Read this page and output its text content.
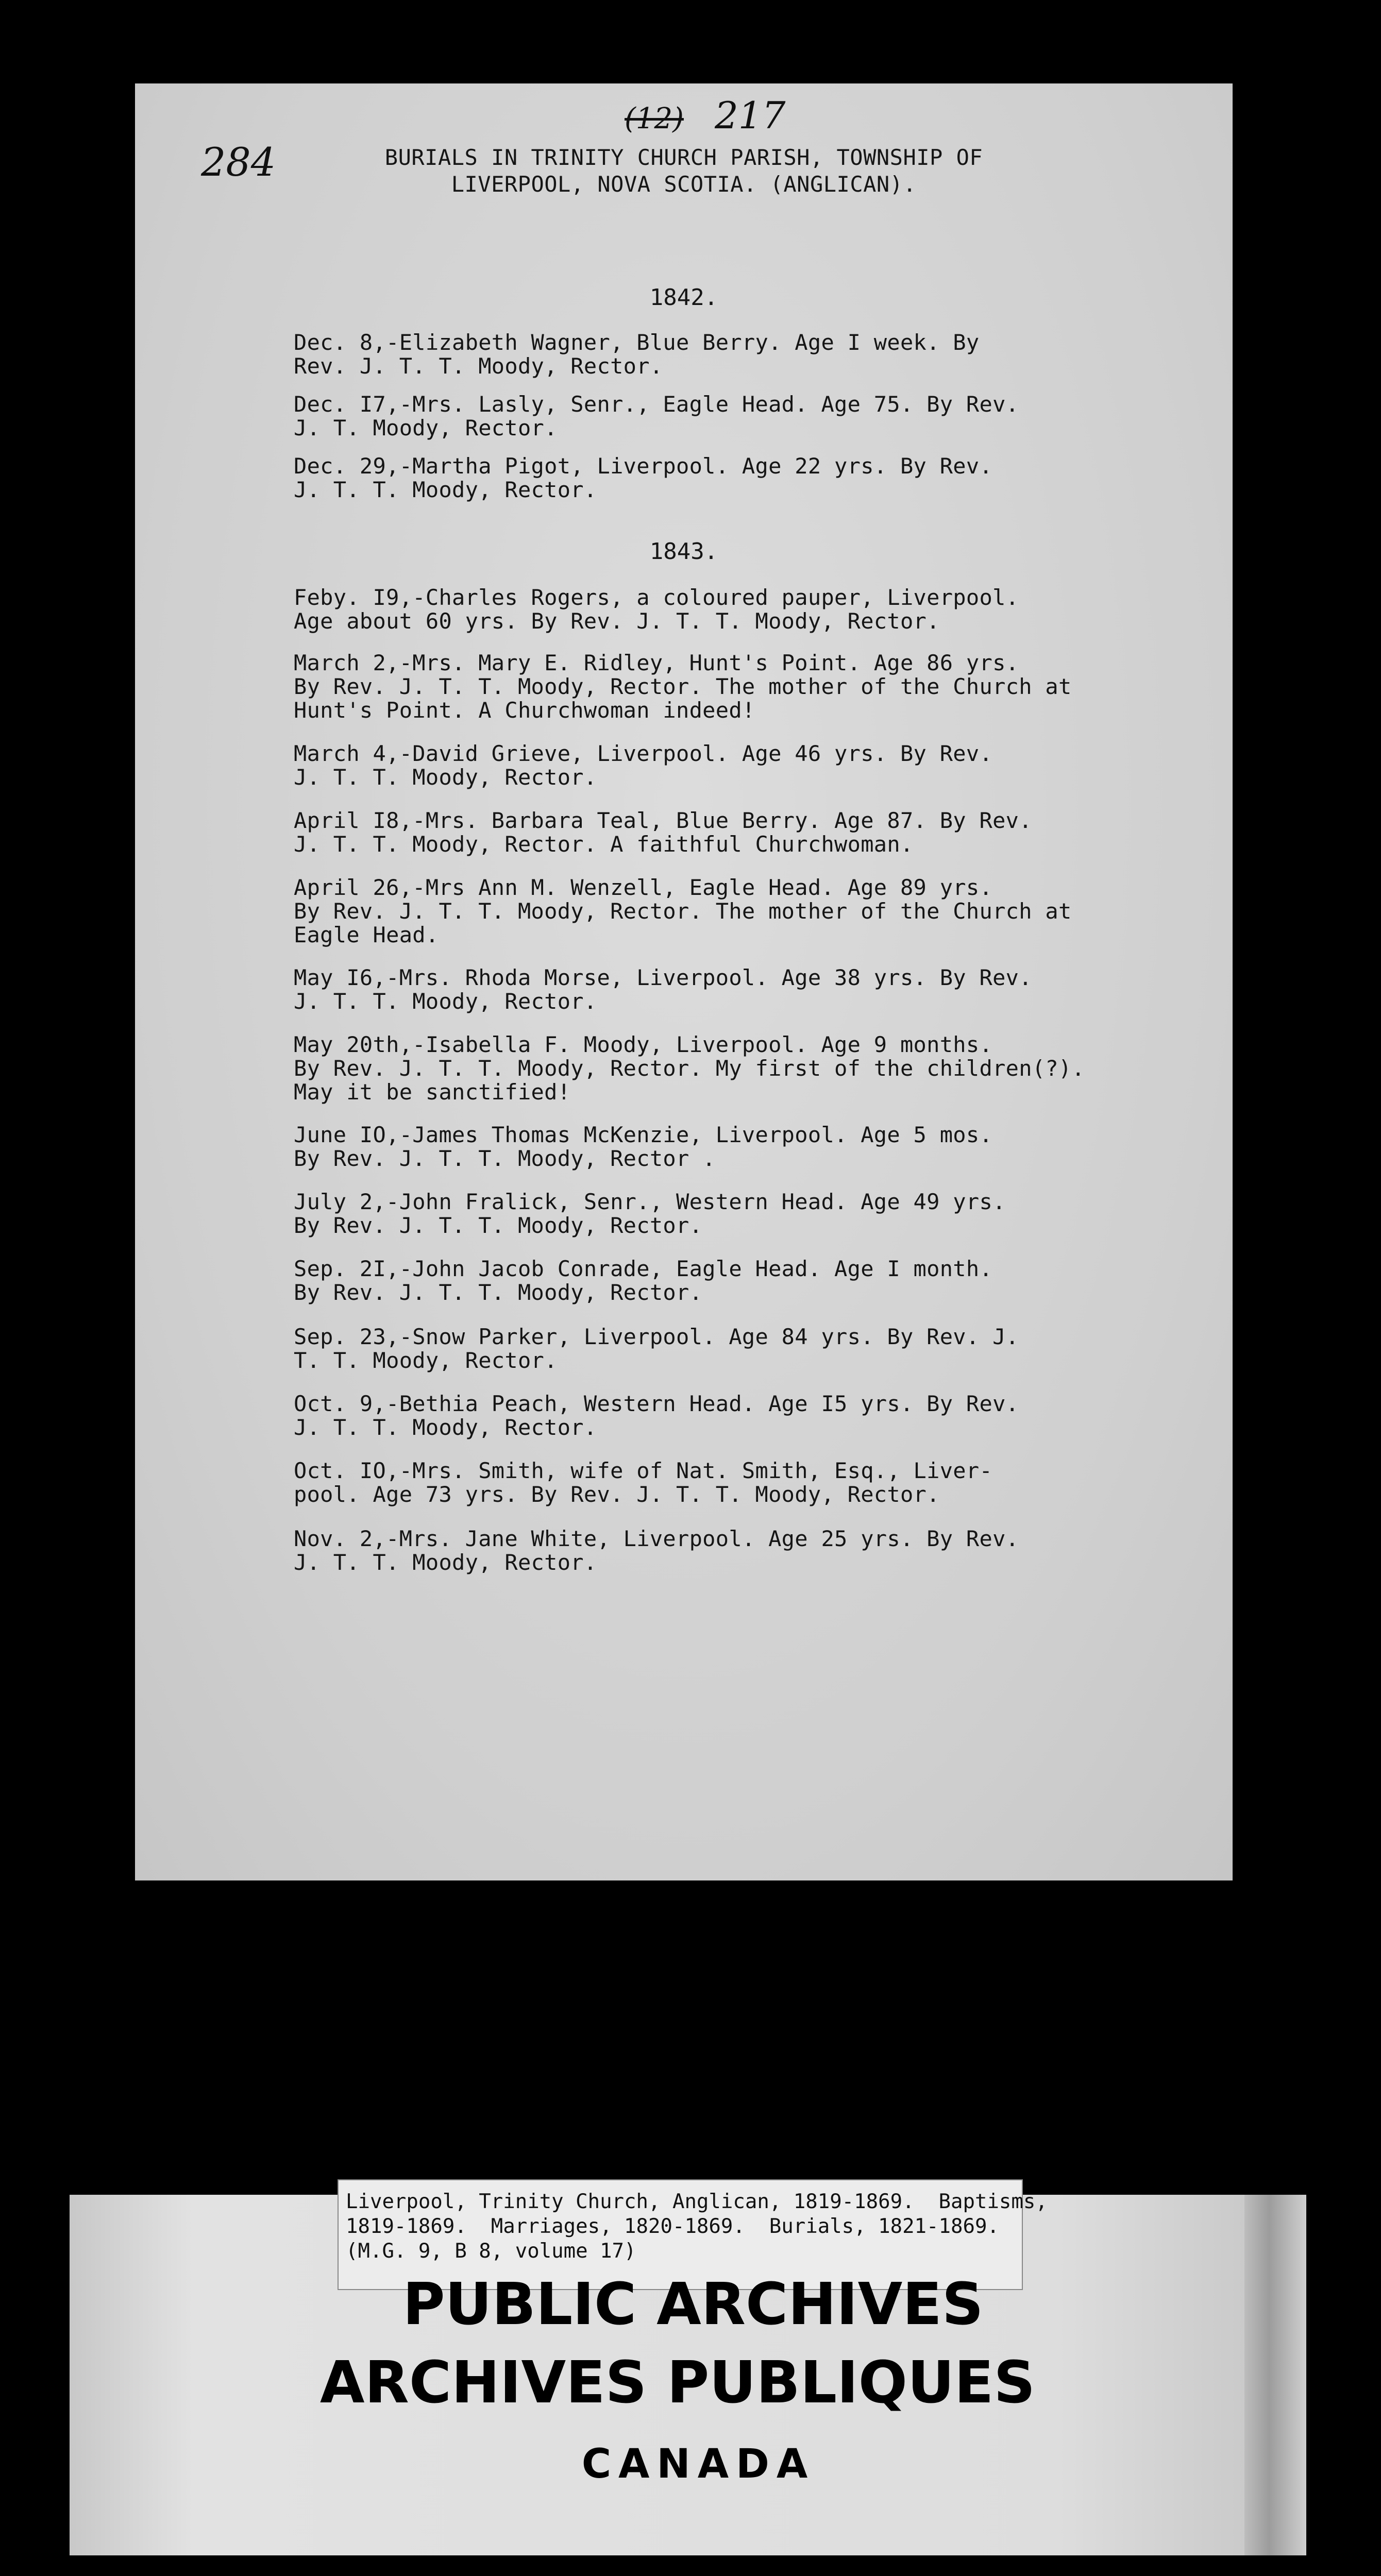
284
(12) 217
BURIALS IN TRINITY CHURCH PARISH, TOWNSHIP OF
LIVERPOOL, NOVA SCOTIA. (ANGLICAN).
1842.
Dec. 8,-Elizabeth Wagner, Blue Berry. Age I week. By
Rev. J. T. T. Moody, Rector.
Dec. I7,-Mrs. Lasly, Senr., Eagle Head. Age 75. By Rev.
J. T. Moody, Rector.
Dec. 29,-Martha Pigot, Liverpool. Age 22 yrs. By Rev.
J. T. T. Moody, Rector.
1843.
Feby. I9,-Charles Rogers, a coloured pauper, Liverpool.
Age about 60 yrs. By Rev. J. T. T. Moody, Rector.
March 2,-Mrs. Mary E. Ridley, Hunt's Point. Age 86 yrs.
By Rev. J. T. T. Moody, Rector. The mother of the Church at
Hunt's Point. A Churchwoman indeed!
March 4,-David Grieve, Liverpool. Age 46 yrs. By Rev.
J. T. T. Moody, Rector.
April I8,-Mrs. Barbara Teal, Blue Berry. Age 87. By Rev.
J. T. T. Moody, Rector. A faithful Churchwoman.
April 26,-Mrs Ann M. Wenzell, Eagle Head. Age 89 yrs.
By Rev. J. T. T. Moody, Rector. The mother of the Church at
Eagle Head.
May I6,-Mrs. Rhoda Morse, Liverpool. Age 38 yrs. By Rev.
J. T. T. Moody, Rector.
May 20th,-Isabella F. Moody, Liverpool. Age 9 months.
By Rev. J. T. T. Moody, Rector. My first of the children(?).
May it be sanctified!
June IO,-James Thomas McKenzie, Liverpool. Age 5 mos.
By Rev. J. T. T. Moody, Rector .
July 2,-John Fralick, Senr., Western Head. Age 49 yrs.
By Rev. J. T. T. Moody, Rector.
Sep. 2I,-John Jacob Conrade, Eagle Head. Age I month.
By Rev. J. T. T. Moody, Rector.
Sep. 23,-Snow Parker, Liverpool. Age 84 yrs. By Rev. J.
T. T. Moody, Rector.
Oct. 9,-Bethia Peach, Western Head. Age I5 yrs. By Rev.
J. T. T. Moody, Rector.
Oct. IO,-Mrs. Smith, wife of Nat. Smith, Esq., Liver-
pool. Age 73 yrs. By Rev. J. T. T. Moody, Rector.
Nov. 2,-Mrs. Jane White, Liverpool. Age 25 yrs. By Rev.
J. T. T. Moody, Rector.
Liverpool, Trinity Church, Anglican, 1819-1869.  Baptisms,
1819-1869.  Marriages, 1820-1869.  Burials, 1821-1869.
(M.G. 9, B 8, volume 17)
PUBLIC ARCHIVES
ARCHIVES PUBLIQUES
CANADA
